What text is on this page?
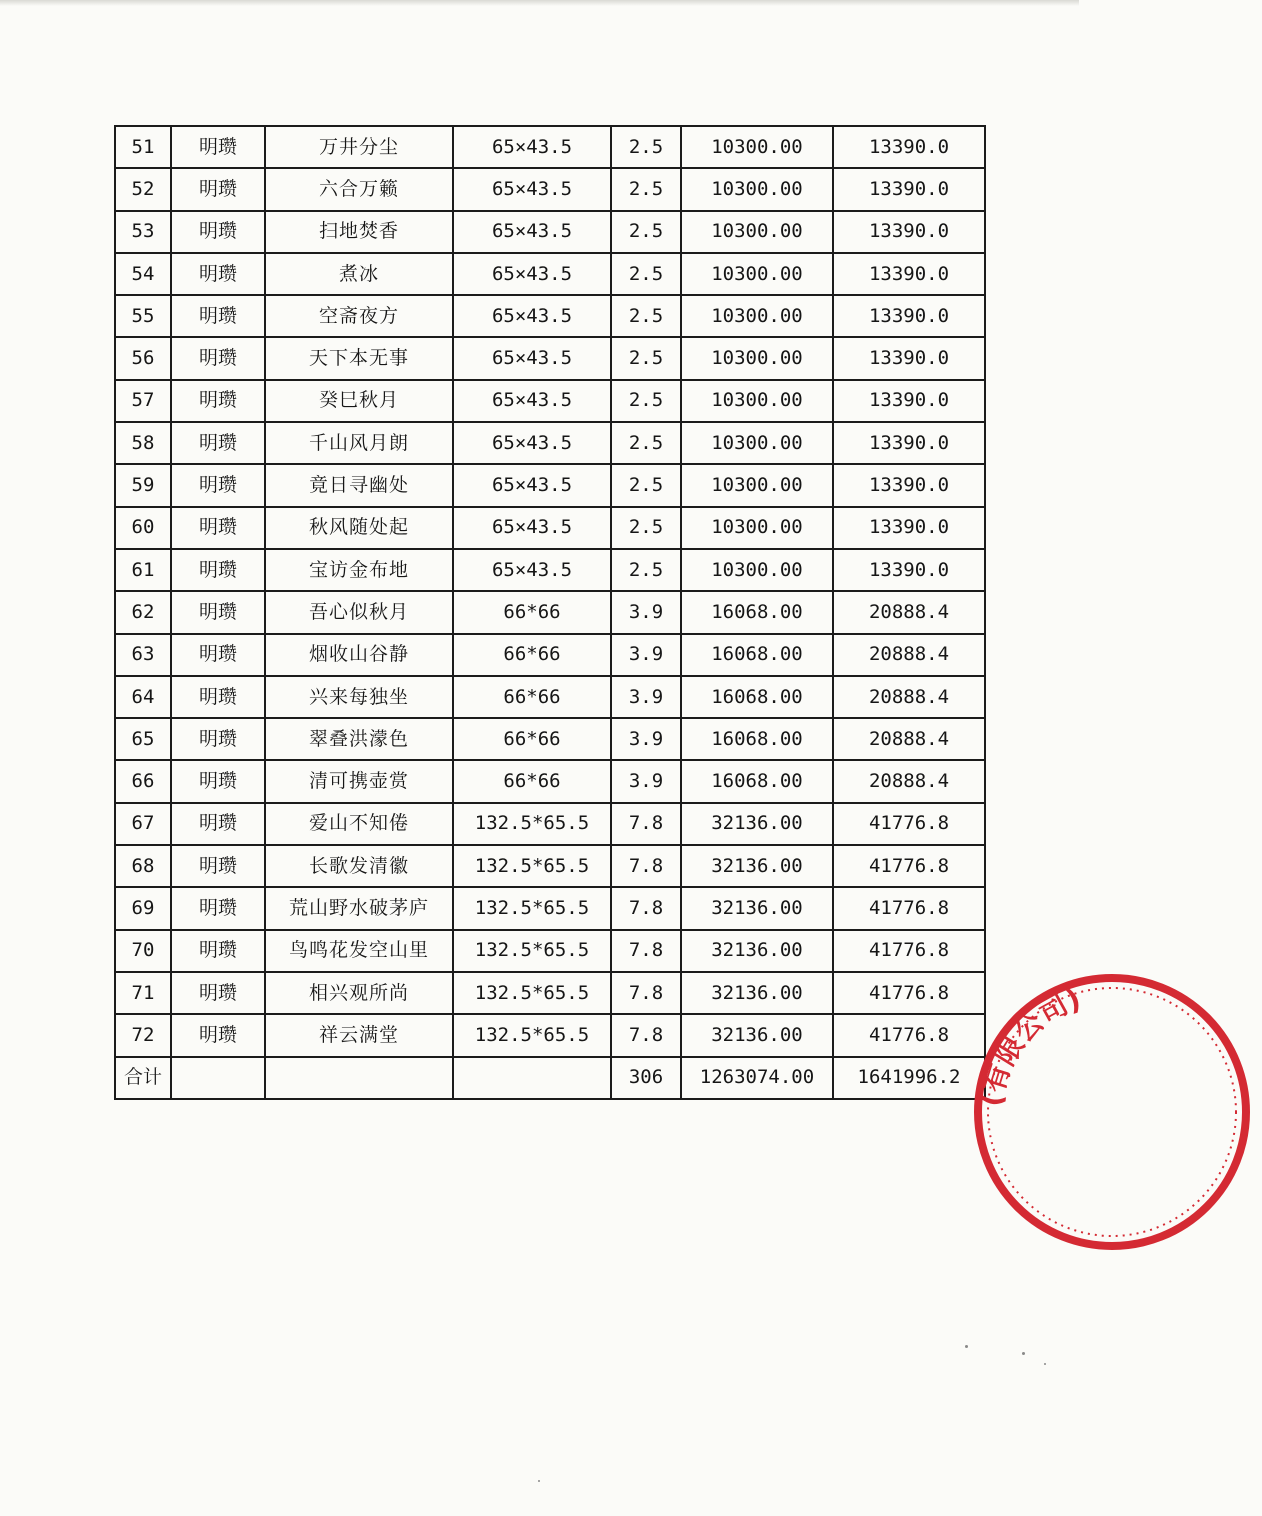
51	明瓒	万井分尘	65×43.5	2.5	10300.00	13390.0
52	明瓒	六合万籁	65×43.5	2.5	10300.00	13390.0
53	明瓒	扫地焚香	65×43.5	2.5	10300.00	13390.0
54	明瓒	煮冰	65×43.5	2.5	10300.00	13390.0
55	明瓒	空斋夜方	65×43.5	2.5	10300.00	13390.0
56	明瓒	天下本无事	65×43.5	2.5	10300.00	13390.0
57	明瓒	癸巳秋月	65×43.5	2.5	10300.00	13390.0
58	明瓒	千山风月朗	65×43.5	2.5	10300.00	13390.0
59	明瓒	竟日寻幽处	65×43.5	2.5	10300.00	13390.0
60	明瓒	秋风随处起	65×43.5	2.5	10300.00	13390.0
61	明瓒	宝访金布地	65×43.5	2.5	10300.00	13390.0
62	明瓒	吾心似秋月	66*66	3.9	16068.00	20888.4
63	明瓒	烟收山谷静	66*66	3.9	16068.00	20888.4
64	明瓒	兴来每独坐	66*66	3.9	16068.00	20888.4
65	明瓒	翠叠洪濛色	66*66	3.9	16068.00	20888.4
66	明瓒	清可携壶赏	66*66	3.9	16068.00	20888.4
67	明瓒	爱山不知倦	132.5*65.5	7.8	32136.00	41776.8
68	明瓒	长歌发清徽	132.5*65.5	7.8	32136.00	41776.8
69	明瓒	荒山野水破茅庐	132.5*65.5	7.8	32136.00	41776.8
70	明瓒	鸟鸣花发空山里	132.5*65.5	7.8	32136.00	41776.8
71	明瓒	相兴观所尚	132.5*65.5	7.8	32136.00	41776.8
72	明瓒	祥云满堂	132.5*65.5	7.8	32136.00	41776.8
合计				306	1263074.00	1641996.2
(有限公司)
